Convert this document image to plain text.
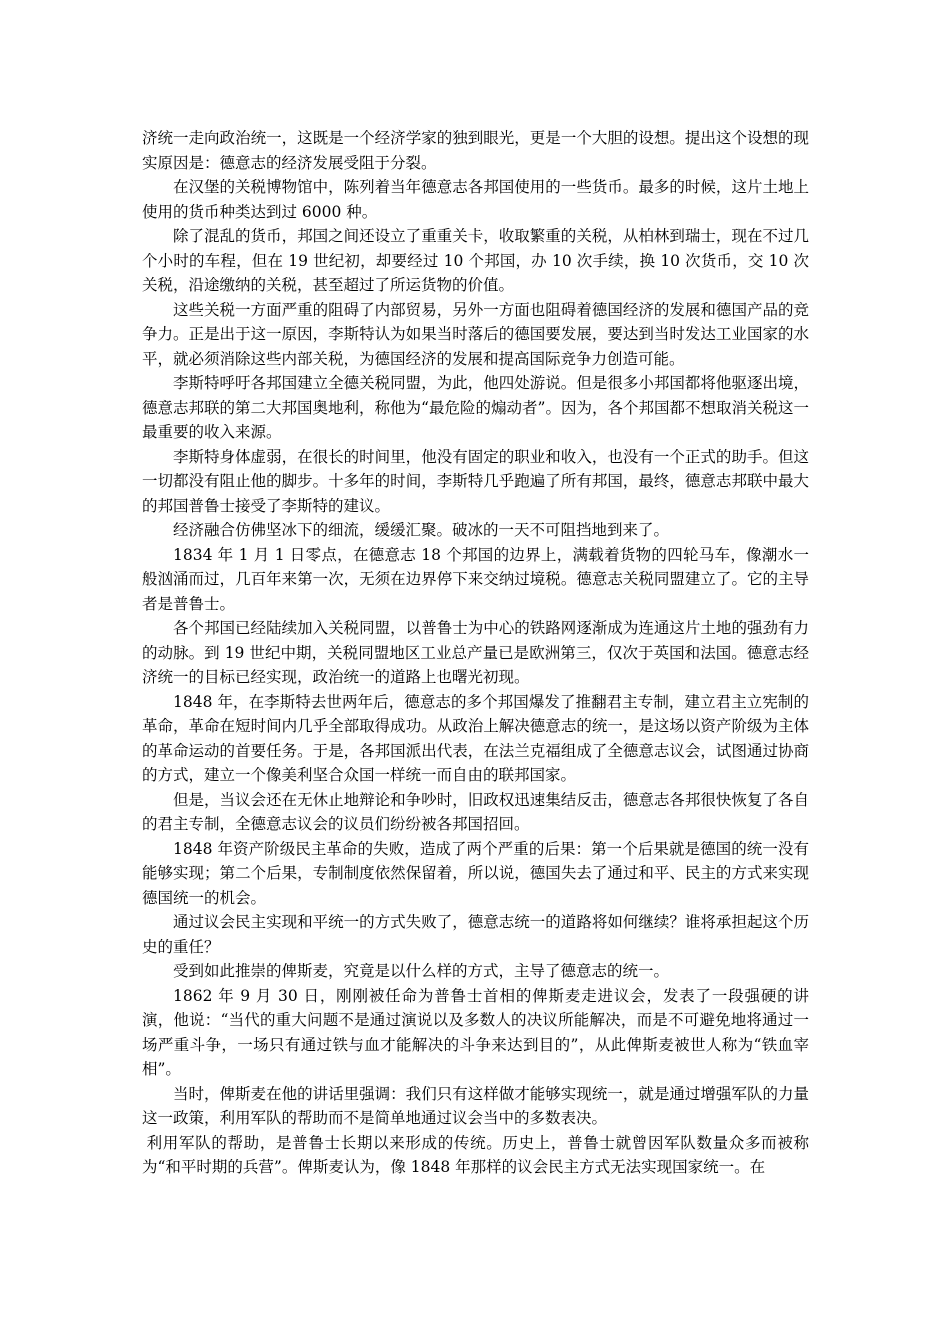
济统一走向政治统一，这既是一个经济学家的独到眼光，更是一个大胆的设想。提出这个设想的现实原因是：德意志的经济发展受阻于分裂。

在汉堡的关税博物馆中，陈列着当年德意志各邦国使用的一些货币。最多的时候，这片土地上使用的货币种类达到过 6000 种。

除了混乱的货币，邦国之间还设立了重重关卡，收取繁重的关税，从柏林到瑞士，现在不过几个小时的车程，但在 19 世纪初，却要经过 10 个邦国，办 10 次手续，换 10 次货币，交 10 次关税，沿途缴纳的关税，甚至超过了所运货物的价值。

这些关税一方面严重的阻碍了内部贸易，另外一方面也阻碍着德国经济的发展和德国产品的竞争力。正是出于这一原因，李斯特认为如果当时落后的德国要发展，要达到当时发达工业国家的水平，就必须消除这些内部关税，为德国经济的发展和提高国际竞争力创造可能。

李斯特呼吁各邦国建立全德关税同盟，为此，他四处游说。但是很多小邦国都将他驱逐出境，德意志邦联的第二大邦国奥地利，称他为“最危险的煽动者”。因为，各个邦国都不想取消关税这一最重要的收入来源。

李斯特身体虚弱，在很长的时间里，他没有固定的职业和收入，也没有一个正式的助手。但这一切都没有阻止他的脚步。十多年的时间，李斯特几乎跑遍了所有邦国，最终，德意志邦联中最大的邦国普鲁士接受了李斯特的建议。

经济融合仿佛坚冰下的细流，缓缓汇聚。破冰的一天不可阻挡地到来了。

1834 年 1 月 1 日零点，在德意志 18 个邦国的边界上，满载着货物的四轮马车，像潮水一般汹涌而过，几百年来第一次，无须在边界停下来交纳过境税。德意志关税同盟建立了。它的主导者是普鲁士。

各个邦国已经陆续加入关税同盟，以普鲁士为中心的铁路网逐渐成为连通这片土地的强劲有力的动脉。到 19 世纪中期，关税同盟地区工业总产量已是欧洲第三，仅次于英国和法国。德意志经济统一的目标已经实现，政治统一的道路上也曙光初现。

1848 年，在李斯特去世两年后，德意志的多个邦国爆发了推翻君主专制，建立君主立宪制的革命，革命在短时间内几乎全部取得成功。从政治上解决德意志的统一，是这场以资产阶级为主体的革命运动的首要任务。于是，各邦国派出代表，在法兰克福组成了全德意志议会，试图通过协商的方式，建立一个像美利坚合众国一样统一而自由的联邦国家。

但是，当议会还在无休止地辩论和争吵时，旧政权迅速集结反击，德意志各邦很快恢复了各自的君主专制，全德意志议会的议员们纷纷被各邦国招回。

1848 年资产阶级民主革命的失败，造成了两个严重的后果：第一个后果就是德国的统一没有能够实现；第二个后果，专制制度依然保留着，所以说，德国失去了通过和平、民主的方式来实现德国统一的机会。

通过议会民主实现和平统一的方式失败了，德意志统一的道路将如何继续？谁将承担起这个历史的重任？

受到如此推崇的俾斯麦，究竟是以什么样的方式，主导了德意志的统一。

1862 年 9 月 30 日，刚刚被任命为普鲁士首相的俾斯麦走进议会，发表了一段强硬的讲演，他说：“当代的重大问题不是通过演说以及多数人的决议所能解决，而是不可避免地将通过一场严重斗争，一场只有通过铁与血才能解决的斗争来达到目的”，从此俾斯麦被世人称为“铁血宰相”。

当时，俾斯麦在他的讲话里强调：我们只有这样做才能够实现统一，就是通过增强军队的力量这一政策，利用军队的帮助而不是简单地通过议会当中的多数表决。

利用军队的帮助，是普鲁士长期以来形成的传统。历史上，普鲁士就曾因军队数量众多而被称为“和平时期的兵营”。俾斯麦认为，像 1848 年那样的议会民主方式无法实现国家统一。在
